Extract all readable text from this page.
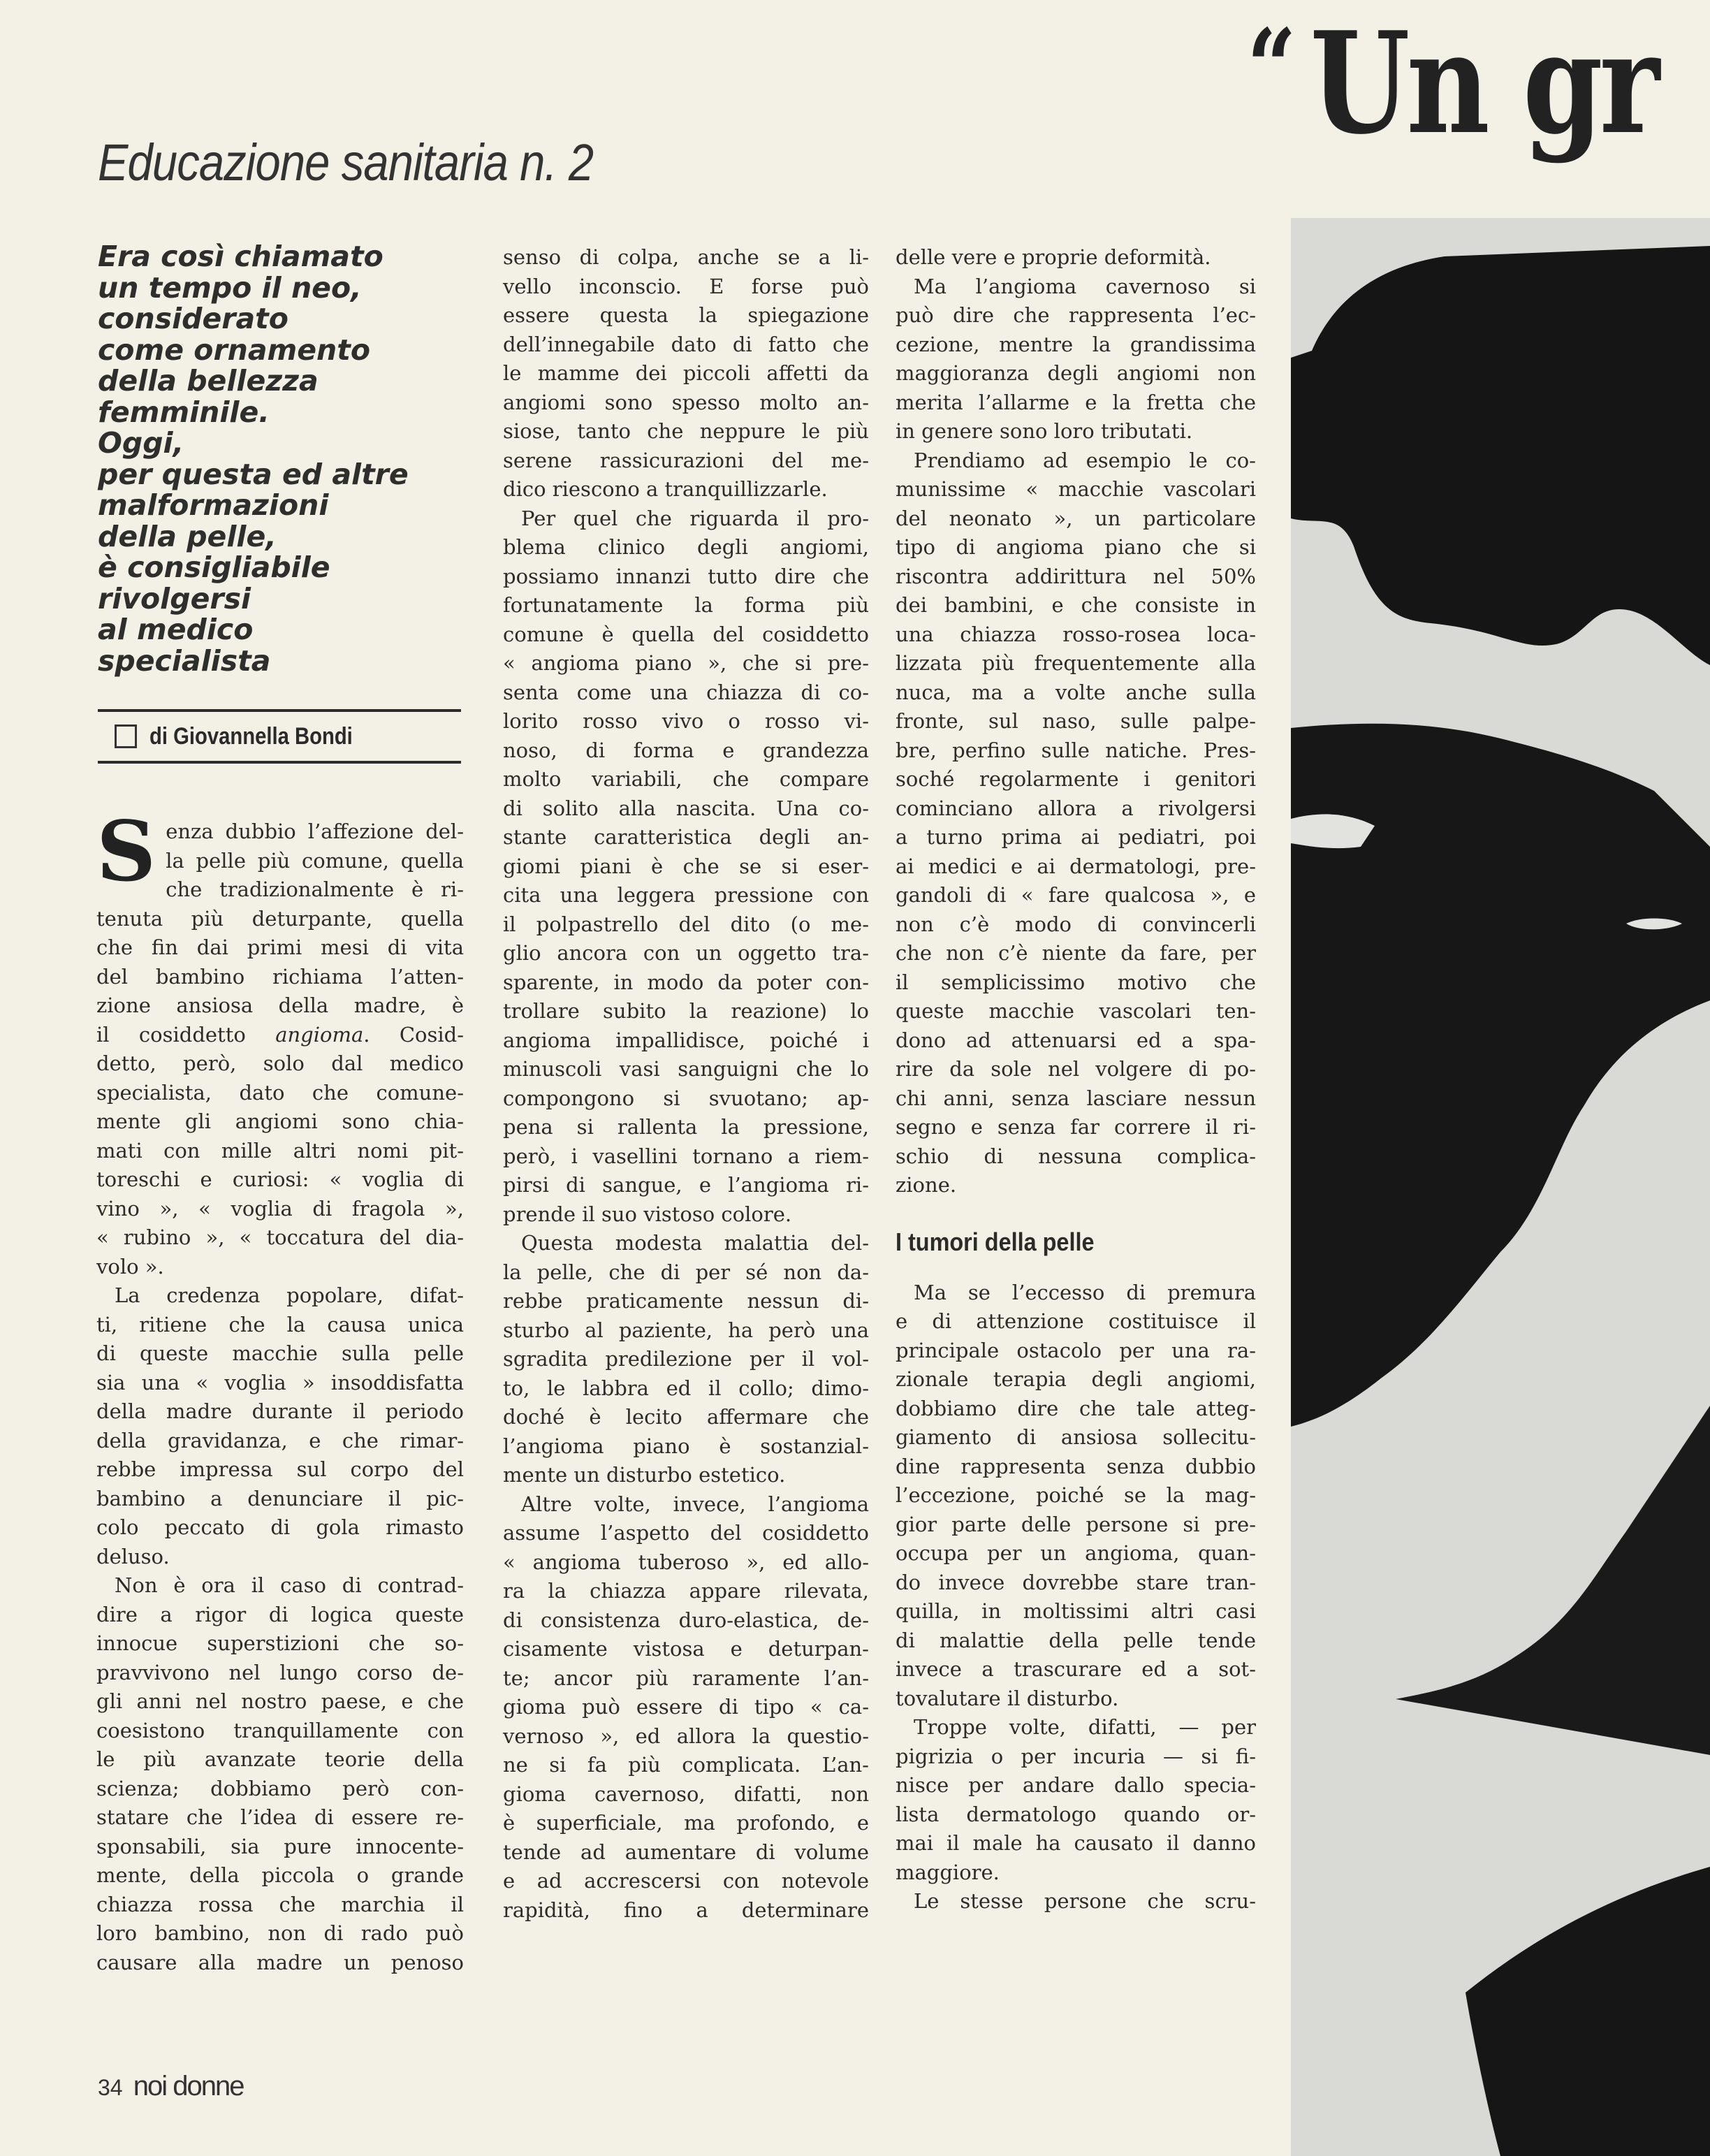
“ Un gr
Educazione sanitaria n. 2
Era così chiamato
un tempo il neo,
considerato
come ornamento
della bellezza
femminile.
Oggi,
per questa ed altre
malformazioni
della pelle,
è consigliabile
rivolgersi
al medico
specialista
di Giovannella Bondi
S enza dubbio l’affezione del-
la pelle più comune, quella
che tradizionalmente è ri-
tenuta più deturpante, quella
che fin dai primi mesi di vita
del bambino richiama l’atten-
zione ansiosa della madre, è
il cosiddetto angioma. Cosid-
detto, però, solo dal medico
specialista, dato che comune-
mente gli angiomi sono chia-
mati con mille altri nomi pit-
toreschi e curiosi: « voglia di
vino », « voglia di fragola »,
« rubino », « toccatura del dia-
volo ».

La credenza popolare, difat-
ti, ritiene che la causa unica
di queste macchie sulla pelle
sia una « voglia » insoddisfatta
della madre durante il periodo
della gravidanza, e che rimar-
rebbe impressa sul corpo del
bambino a denunciare il pic-
colo peccato di gola rimasto
deluso.

Non è ora il caso di contrad-
dire a rigor di logica queste
innocue superstizioni che so-
pravvivono nel lungo corso de-
gli anni nel nostro paese, e che
coesistono tranquillamente con
le più avanzate teorie della
scienza; dobbiamo però con-
statare che l’idea di essere re-
sponsabili, sia pure innocente-
mente, della piccola o grande
chiazza rossa che marchia il
loro bambino, non di rado può
causare alla madre un penoso

senso di colpa, anche se a li-
vello inconscio. E forse può
essere questa la spiegazione
dell’innegabile dato di fatto che
le mamme dei piccoli affetti da
angiomi sono spesso molto an-
siose, tanto che neppure le più
serene rassicurazioni del me-
dico riescono a tranquillizzarle.

Per quel che riguarda il pro-
blema clinico degli angiomi,
possiamo innanzi tutto dire che
fortunatamente la forma più
comune è quella del cosiddetto
« angioma piano », che si pre-
senta come una chiazza di co-
lorito rosso vivo o rosso vi-
noso, di forma e grandezza
molto variabili, che compare
di solito alla nascita. Una co-
stante caratteristica degli an-
giomi piani è che se si eser-
cita una leggera pressione con
il polpastrello del dito (o me-
glio ancora con un oggetto tra-
sparente, in modo da poter con-
trollare subito la reazione) lo
angioma impallidisce, poiché i
minuscoli vasi sanguigni che lo
compongono si svuotano; ap-
pena si rallenta la pressione,
però, i vasellini tornano a riem-
pirsi di sangue, e l’angioma ri-
prende il suo vistoso colore.

Questa modesta malattia del-
la pelle, che di per sé non da-
rebbe praticamente nessun di-
sturbo al paziente, ha però una
sgradita predilezione per il vol-
to, le labbra ed il collo; dimo-
doché è lecito affermare che
l’angioma piano è sostanzial-
mente un disturbo estetico.

Altre volte, invece, l’angioma
assume l’aspetto del cosiddetto
« angioma tuberoso », ed allo-
ra la chiazza appare rilevata,
di consistenza duro-elastica, de-
cisamente vistosa e deturpan-
te; ancor più raramente l’an-
gioma può essere di tipo « ca-
vernoso », ed allora la questio-
ne si fa più complicata. L’an-
gioma cavernoso, difatti, non
è superficiale, ma profondo, e
tende ad aumentare di volume
e ad accrescersi con notevole
rapidità, fino a determinare

delle vere e proprie deformità.

Ma l’angioma cavernoso si
può dire che rappresenta l’ec-
cezione, mentre la grandissima
maggioranza degli angiomi non
merita l’allarme e la fretta che
in genere sono loro tributati.

Prendiamo ad esempio le co-
munissime « macchie vascolari
del neonato », un particolare
tipo di angioma piano che si
riscontra addirittura nel 50%
dei bambini, e che consiste in
una chiazza rosso-rosea loca-
lizzata più frequentemente alla
nuca, ma a volte anche sulla
fronte, sul naso, sulle palpe-
bre, perfino sulle natiche. Pres-
soché regolarmente i genitori
cominciano allora a rivolgersi
a turno prima ai pediatri, poi
ai medici e ai dermatologi, pre-
gandoli di « fare qualcosa », e
non c’è modo di convincerli
che non c’è niente da fare, per
il semplicissimo motivo che
queste macchie vascolari ten-
dono ad attenuarsi ed a spa-
rire da sole nel volgere di po-
chi anni, senza lasciare nessun
segno e senza far correre il ri-
schio di nessuna complica-
zione.

I tumori della pelle

Ma se l’eccesso di premura
e di attenzione costituisce il
principale ostacolo per una ra-
zionale terapia degli angiomi,
dobbiamo dire che tale atteg-
giamento di ansiosa sollecitu-
dine rappresenta senza dubbio
l’eccezione, poiché se la mag-
gior parte delle persone si pre-
occupa per un angioma, quan-
do invece dovrebbe stare tran-
quilla, in moltissimi altri casi
di malattie della pelle tende
invece a trascurare ed a sot-
tovalutare il disturbo.

Troppe volte, difatti, — per
pigrizia o per incuria — si fi-
nisce per andare dallo specia-
lista dermatologo quando or-
mai il male ha causato il danno
maggiore.

Le stesse persone che scru-

34 noi donne
